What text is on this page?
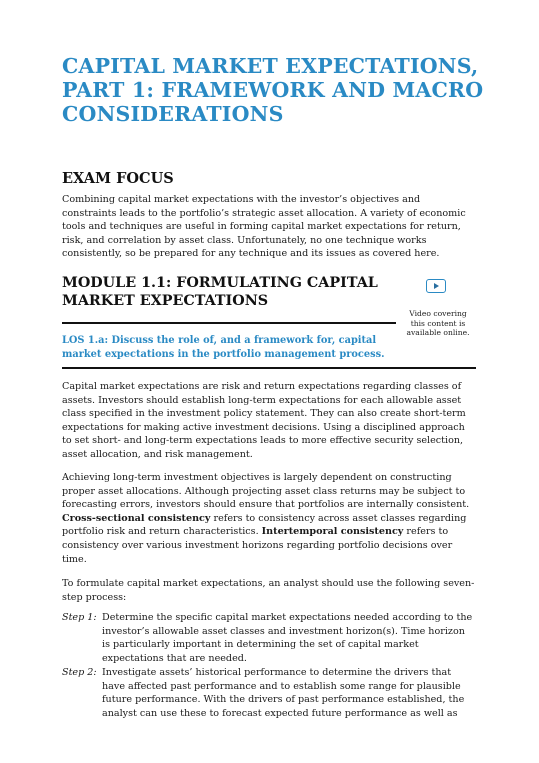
CAPITAL MARKET EXPECTATIONS,
PART 1: FRAMEWORK AND MACRO
CONSIDERATIONS
EXAM FOCUS
Combining capital market expectations with the investor’s objectives and constraints leads to the portfolio’s strategic asset allocation. A variety of economic tools and techniques are useful in forming capital market expectations for return, risk, and correlation by asset class. Unfortunately, no one technique works consistently, so be prepared for any technique and its issues as covered here.
MODULE 1.1: FORMULATING CAPITAL
MARKET EXPECTATIONS
Video covering
this content is
available online.
LOS 1.a: Discuss the role of, and a framework for, capital
market expectations in the portfolio management process.
Capital market expectations are risk and return expectations regarding classes of assets. Investors should establish long-term expectations for each allowable asset class specified in the investment policy statement. They can also create short-term expectations for making active investment decisions. Using a disciplined approach to set short- and long-term expectations leads to more effective security selection, asset allocation, and risk management.
Achieving long-term investment objectives is largely dependent on constructing proper asset allocations. Although projecting asset class returns may be subject to forecasting errors, investors should ensure that portfolios are internally consistent. Cross-sectional consistency refers to consistency across asset classes regarding portfolio risk and return characteristics. Intertemporal consistency refers to consistency over various investment horizons regarding portfolio decisions over time.
To formulate capital market expectations, an analyst should use the following seven-step process:
Step 1: Determine the specific capital market expectations needed according to the investor’s allowable asset classes and investment horizon(s). Time horizon is particularly important in determining the set of capital market expectations that are needed.
Step 2: Investigate assets’ historical performance to determine the drivers that have affected past performance and to establish some range for plausible future performance. With the drivers of past performance established, the analyst can use these to forecast expected future performance as well as
